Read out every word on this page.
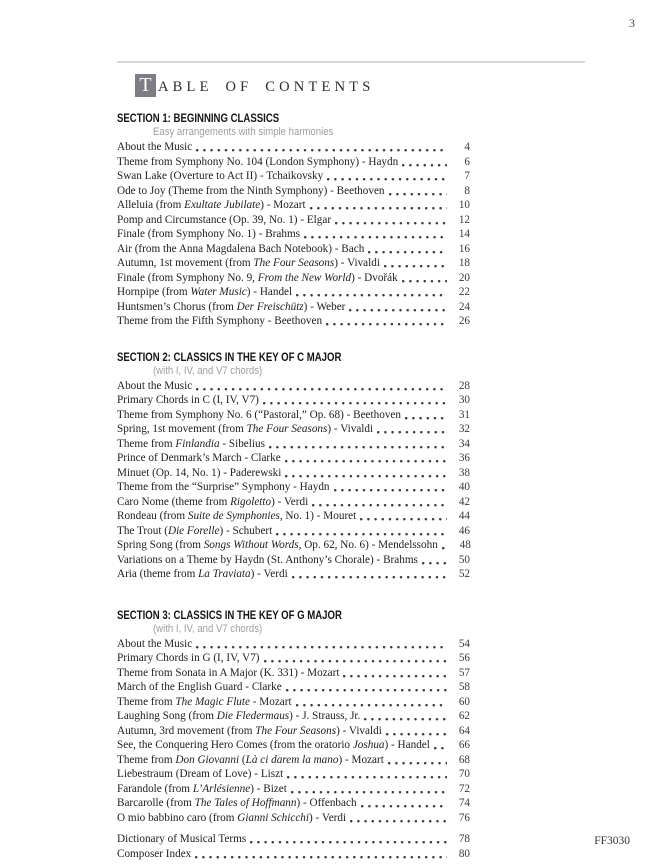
3
T ABLE OF CONTENTS
SECTION 1: BEGINNING CLASSICS
Easy arrangements with simple harmonies
About the Music	4
Theme from Symphony No. 104 (London Symphony) - Haydn	6
Swan Lake (Overture to Act II) - Tchaikovsky	7
Ode to Joy (Theme from the Ninth Symphony) - Beethoven	8
Alleluia (from Exultate Jubilate) - Mozart	10
Pomp and Circumstance (Op. 39, No. 1) - Elgar	12
Finale (from Symphony No. 1) - Brahms	14
Air (from the Anna Magdalena Bach Notebook) - Bach	16
Autumn, 1st movement (from The Four Seasons) - Vivaldi	18
Finale (from Symphony No. 9, From the New World) - Dvořák	20
Hornpipe (from Water Music) - Handel	22
Huntsmen’s Chorus (from Der Freischütz) - Weber	24
Theme from the Fifth Symphony - Beethoven	26
SECTION 2: CLASSICS IN THE KEY OF C MAJOR
(with I, IV, and V7 chords)
About the Music	28
Primary Chords in C (I, IV, V7)	30
Theme from Symphony No. 6 (“Pastoral,” Op. 68) - Beethoven	31
Spring, 1st movement (from The Four Seasons) - Vivaldi	32
Theme from Finlandia - Sibelius	34
Prince of Denmark’s March - Clarke	36
Minuet (Op. 14, No. 1) - Paderewski	38
Theme from the “Surprise” Symphony - Haydn	40
Caro Nome (theme from Rigoletto) - Verdi	42
Rondeau (from Suite de Symphonies, No. 1) - Mouret	44
The Trout (Die Forelle) - Schubert	46
Spring Song (from Songs Without Words, Op. 62, No. 6) - Mendelssohn	48
Variations on a Theme by Haydn (St. Anthony’s Chorale) - Brahms	50
Aria (theme from La Traviata) - Verdi	52
SECTION 3: CLASSICS IN THE KEY OF G MAJOR
(with I, IV, and V7 chords)
About the Music	54
Primary Chords in G (I, IV, V7)	56
Theme from Sonata in A Major (K. 331) - Mozart	57
March of the English Guard - Clarke	58
Theme from The Magic Flute - Mozart	60
Laughing Song (from Die Fledermaus) - J. Strauss, Jr.	62
Autumn, 3rd movement (from The Four Seasons) - Vivaldi	64
See, the Conquering Hero Comes (from the oratorio Joshua) - Handel	66
Theme from Don Giovanni (Là ci darem la mano) - Mozart	68
Liebestraum (Dream of Love) - Liszt	70
Farandole (from L’Arlésienne) - Bizet	72
Barcarolle (from The Tales of Hoffmann) - Offenbach	74
O mio babbino caro (from Gianni Schicchi) - Verdi	76
Dictionary of Musical Terms	78
Composer Index	80
FF3030
